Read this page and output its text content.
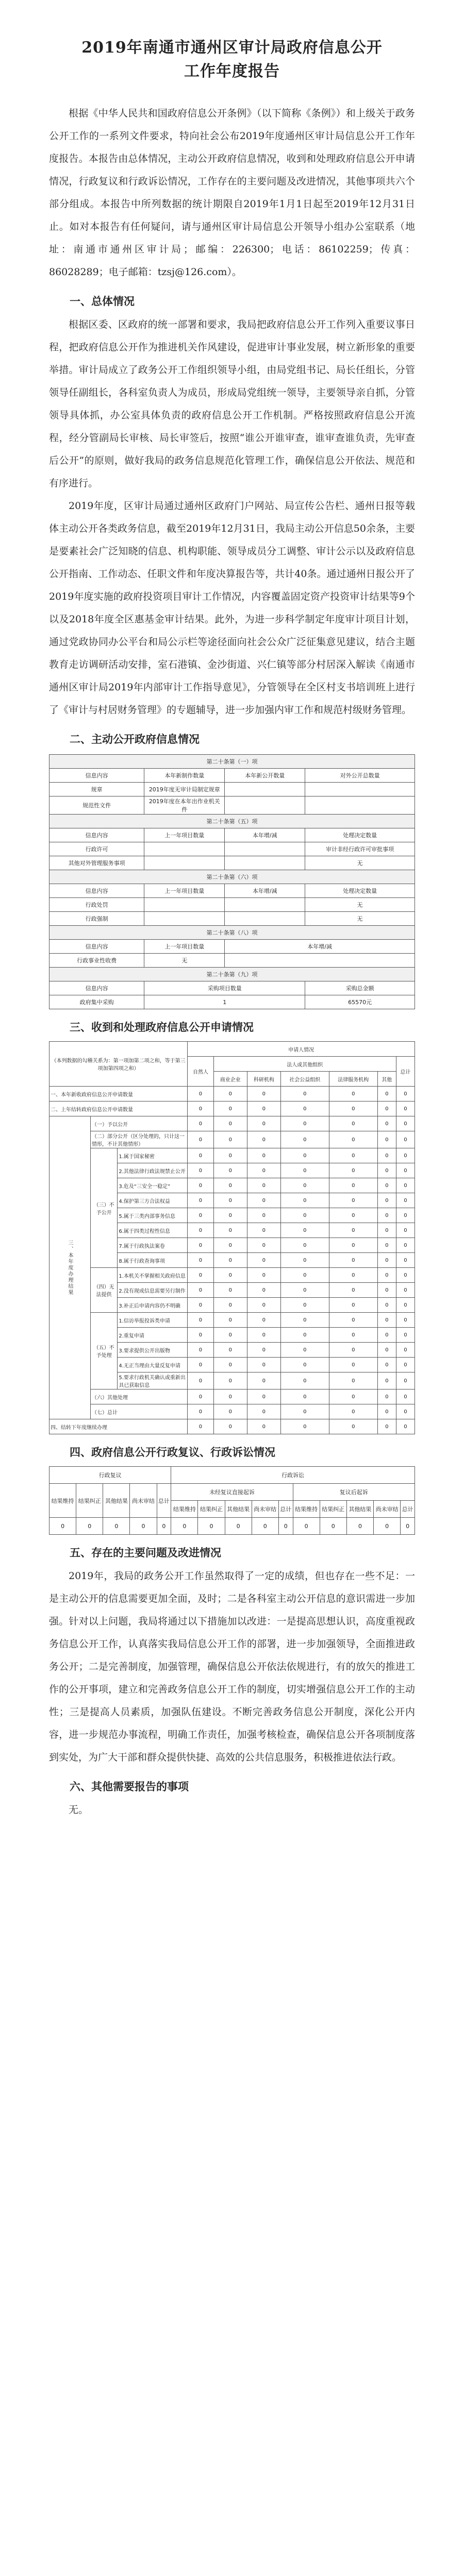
2019年南通市通州区审计局政府信息公开
工作年度报告

根据《中华人民共和国政府信息公开条例》（以下简称《条例》）和上级关于政务公开工作的一系列文件要求，特向社会公布2019年度通州区审计局信息公开工作年度报告。本报告由总体情况，主动公开政府信息情况，收到和处理政府信息公开申请情况，行政复议和行政诉讼情况，工作存在的主要问题及改进情况，其他事项共六个部分组成。本报告中所列数据的统计期限自2019年1月1日起至2019年12月31日止。如对本报告有任何疑问，请与通州区审计局信息公开领导小组办公室联系（地址：南通市通州区审计局；邮编：226300；电话：86102259；传真：86028289；电子邮箱：tzsj@126.com）。

一、总体情况

根据区委、区政府的统一部署和要求，我局把政府信息公开工作列入重要议事日程，把政府信息公开作为推进机关作风建设，促进审计事业发展，树立新形象的重要举措。审计局成立了政务公开工作组织领导小组，由局党组书记、局长任组长，分管领导任副组长，各科室负责人为成员，形成局党组统一领导，主要领导亲自抓，分管领导具体抓，办公室具体负责的政府信息公开工作机制。严格按照政府信息公开流程，经分管副局长审核、局长审签后，按照“谁公开谁审查，谁审查谁负责，先审查后公开”的原则，做好我局的政务信息规范化管理工作，确保信息公开依法、规范和有序进行。

2019年度，区审计局通过通州区政府门户网站、局宣传公告栏、通州日报等载体主动公开各类政务信息，截至2019年12月31日，我局主动公开信息50余条，主要是要素社会广泛知晓的信息、机构职能、领导成员分工调整、审计公示以及政府信息公开指南、工作动态、任职文件和年度决算报告等，共计40条。通过通州日报公开了2019年度实施的政府投资项目审计工作情况，内容覆盖固定资产投资审计结果等9个以及2018年度全区惠基金审计结果。此外，为进一步科学制定年度审计项目计划，通过党政协同办公平台和局公示栏等途径面向社会公众广泛征集意见建议，结合主题教育走访调研活动安排，室石港镇、金沙街道、兴仁镇等部分村居深入解读《南通市通州区审计局2019年内部审计工作指导意见》，分管领导在全区村支书培训班上进行了《审计与村居财务管理》的专题辅导，进一步加强内审工作和规范村级财务管理。

二、主动公开政府信息情况
第二十条第（一）项			
信息内容	本年新制作数量	本年新公开数量	对外公开总数量
规章	2019年度无审计局制定规章		
规范性文件	2019年度在本年出作业机关件		
第二十条第（五）项			
信息内容	上一年项目数量	本年增/减	处理决定数量
行政许可			审计非经行政许可审批事项
其他对外管理服务事项			无
第二十条第（六）项			
信息内容	上一年项目数量	本年增/减	处理决定数量
行政处罚			无
行政强制			无
第二十条第（八）项			
信息内容	上一年项目数量	本年增/减	
行政事业性收费	无		
第二十条第（九）项			
信息内容	采购项目数量		采购总金额
政府集中采购	1		65570元
三、收到和处理政府信息公开申请情况
（本列数据的勾稽关系为：第一项加第二项之和，等于第三项加第四项之和）			申请人情况						
			自然人	法人或其他组织					总计
				商业企业	科研机构	社会公益组织	法律服务机构	其他	
一、本年新收政府信息公开申请数量			0	0	0	0	0	0	0
二、上年结转政府信息公开申请数量			0	0	0	0	0	0	0
三、本年度办理结果	（一）予以公开		0	0	0	0	0	0	0
	（二）部分公开（区分处理的，只计这一情形，不计其他情形）		0	0	0	0	0	0	0
	（三）不予公开	1.属于国家秘密	0	0	0	0	0	0	0
		2.其他法律行政法规禁止公开	0	0	0	0	0	0	0
		3.危及“三安全一稳定”	0	0	0	0	0	0	0
		4.保护第三方合法权益	0	0	0	0	0	0	0
		5.属于三类内部事务信息	0	0	0	0	0	0	0
		6.属于四类过程性信息	0	0	0	0	0	0	0
		7.属于行政执法案卷	0	0	0	0	0	0	0
		8.属于行政查询事项	0	0	0	0	0	0	0
	（四）无法提供	1.本机关不掌握相关政府信息	0	0	0	0	0	0	0
		2.没有现成信息需要另行制作	0	0	0	0	0	0	0
		3.补正后申请内容仍不明确	0	0	0	0	0	0	0
	（五）不予处理	1.信访举报投诉类申请	0	0	0	0	0	0	0
		2.重复申请	0	0	0	0	0	0	0
		3.要求提供公开出版物	0	0	0	0	0	0	0
		4.无正当理由大量反复申请	0	0	0	0	0	0	0
		5.要求行政机关确认或重新出具已获取信息	0	0	0	0	0	0	0
	（六）其他处理		0	0	0	0	0	0	0
	（七）总计		0	0	0	0	0	0	0
四、结转下年度继续办理			0	0	0	0	0	0	0
四、政府信息公开行政复议、行政诉讼情况
行政复议					行政诉讼									
结果维持	结果纠正	其他结果	尚未审结	总计	未经复议直接起诉					复议后起诉				
					结果维持	结果纠正	其他结果	尚未审结	总计	结果维持	结果纠正	其他结果	尚未审结	总计
0	0	0	0	0	0	0	0	0	0	0	0	0	0	0
五、存在的主要问题及改进情况

2019年，我局的政务公开工作虽然取得了一定的成绩，但也存在一些不足：一是主动公开的信息需要更加全面，及时；二是各科室主动公开信息的意识需进一步加强。针对以上问题，我局将通过以下措施加以改进：一是提高思想认识，高度重视政务信息公开工作，认真落实我局信息公开工作的部署，进一步加强领导，全面推进政务公开；二是完善制度，加强管理，确保信息公开依法依规进行，有的放矢的推进工作的公开事项，建立和完善政务信息公开工作的制度，切实增强信息公开工作的主动性；三是提高人员素质，加强队伍建设。不断完善政务信息公开制度，深化公开内容，进一步规范办事流程，明确工作责任，加强考核检查，确保信息公开各项制度落到实处，为广大干部和群众提供快捷、高效的公共信息服务，积极推进依法行政。

六、其他需要报告的事项

无。
